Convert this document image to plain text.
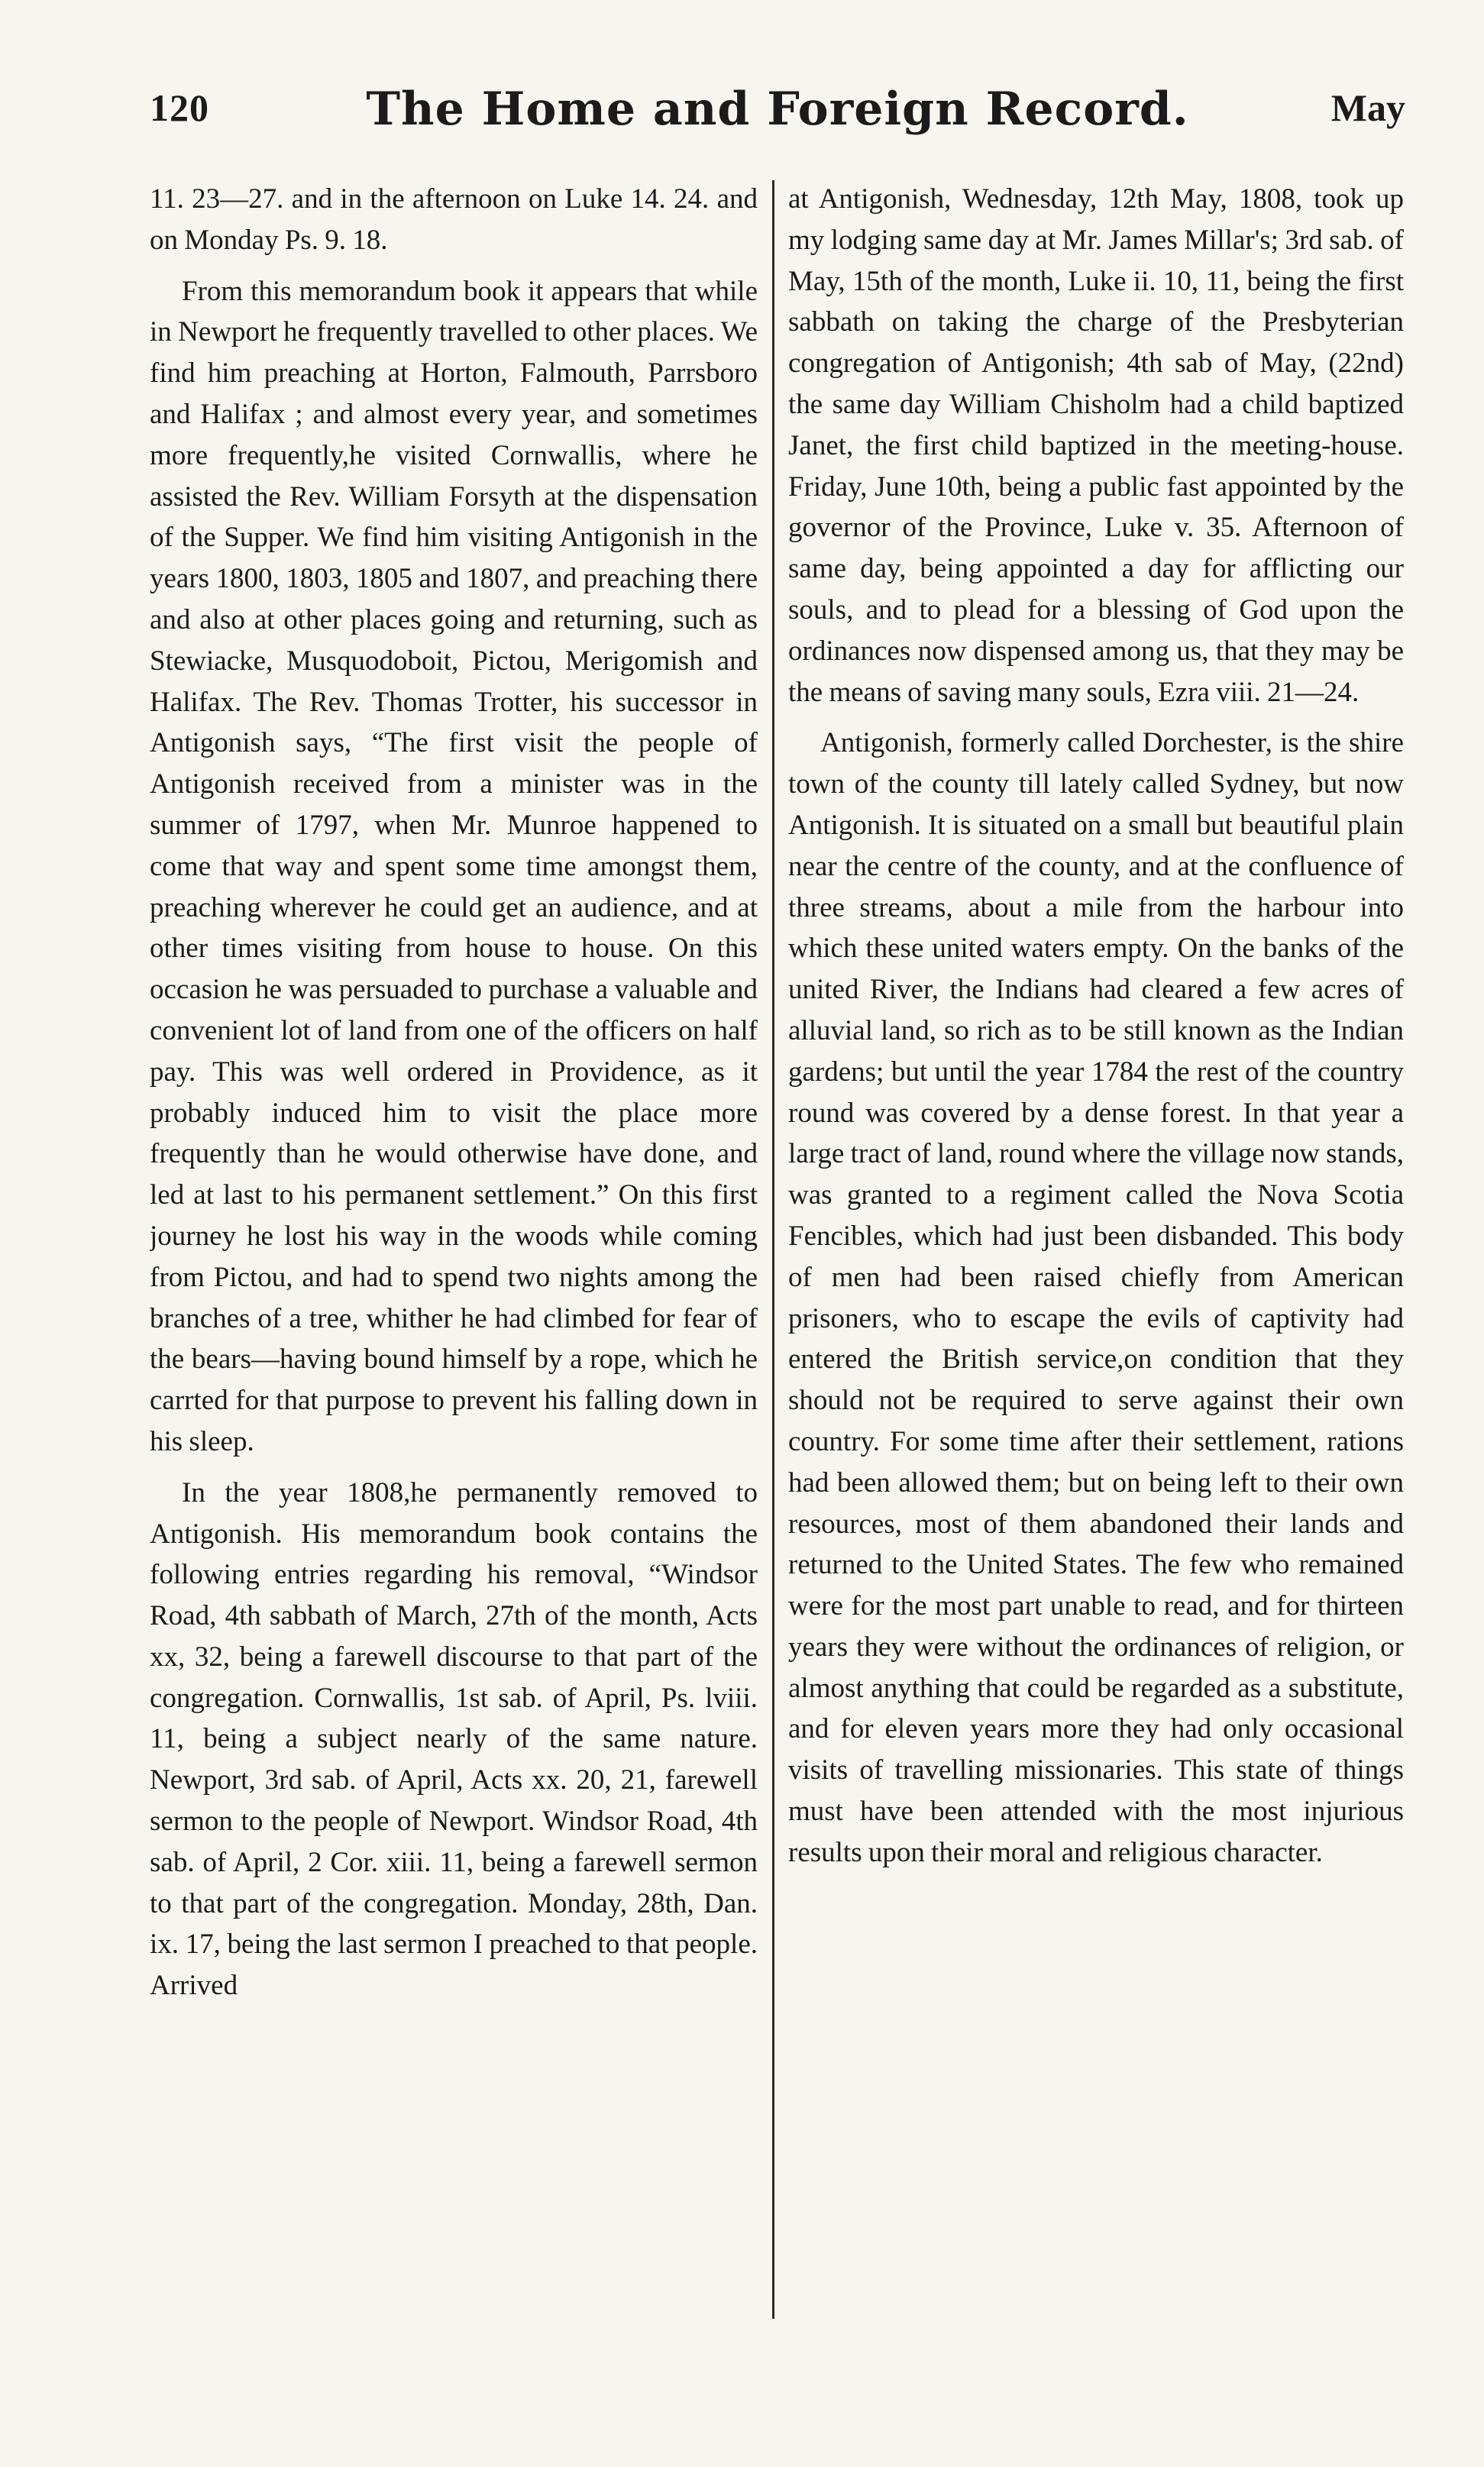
120	The Home and Foreign Record.	May

11. 23—27. and in the afternoon on Luke 14. 24. and on Monday Ps. 9. 18.

From this memorandum book it appears that while in Newport he frequently travelled to other places. We find him preaching at Horton, Falmouth, Parrsboro and Halifax ; and almost every year, and sometimes more frequently,he visited Cornwallis, where he assisted the Rev. William Forsyth at the dispensation of the Supper. We find him visiting Antigonish in the years 1800, 1803, 1805 and 1807, and preaching there and also at other places going and returning, such as Stewiacke, Musquodoboit, Pictou, Merigomish and Halifax. The Rev. Thomas Trotter, his successor in Antigonish says, “The first visit the people of Antigonish received from a minister was in the summer of 1797, when Mr. Munroe happened to come that way and spent some time amongst them, preaching wherever he could get an audience, and at other times visiting from house to house. On this occasion he was persuaded to purchase a valuable and convenient lot of land from one of the officers on half pay. This was well ordered in Providence, as it probably induced him to visit the place more frequently than he would otherwise have done, and led at last to his permanent settlement.” On this first journey he lost his way in the woods while coming from Pictou, and had to spend two nights among the branches of a tree, whither he had climbed for fear of the bears—having bound himself by a rope, which he carrted for that purpose to prevent his falling down in his sleep.

In the year 1808,he permanently removed to Antigonish. His memorandum book contains the following entries regarding his removal, “Windsor Road, 4th sabbath of March, 27th of the month, Acts xx, 32, being a farewell discourse to that part of the congregation. Cornwallis, 1st sab. of April, Ps. lviii. 11, being a subject nearly of the same nature. Newport, 3rd sab. of April, Acts xx. 20, 21, farewell sermon to the people of Newport. Windsor Road, 4th sab. of April, 2 Cor. xiii. 11, being a farewell sermon to that part of the congregation. Monday, 28th, Dan. ix. 17, being the last sermon I preached to that people. Arrived

at Antigonish, Wednesday, 12th May, 1808, took up my lodging same day at Mr. James Millar's; 3rd sab. of May, 15th of the month, Luke ii. 10, 11, being the first sabbath on taking the charge of the Presbyterian congregation of Antigonish; 4th sab of May, (22nd) the same day William Chisholm had a child baptized Janet, the first child baptized in the meeting-house. Friday, June 10th, being a public fast appointed by the governor of the Province, Luke v. 35. Afternoon of same day, being appointed a day for afflicting our souls, and to plead for a blessing of God upon the ordinances now dispensed among us, that they may be the means of saving many souls, Ezra viii. 21—24.

Antigonish, formerly called Dorchester, is the shire town of the county till lately called Sydney, but now Antigonish. It is situated on a small but beautiful plain near the centre of the county, and at the confluence of three streams, about a mile from the harbour into which these united waters empty. On the banks of the united River, the Indians had cleared a few acres of alluvial land, so rich as to be still known as the Indian gardens; but until the year 1784 the rest of the country round was covered by a dense forest. In that year a large tract of land, round where the village now stands, was granted to a regiment called the Nova Scotia Fencibles, which had just been disbanded. This body of men had been raised chiefly from American prisoners, who to escape the evils of captivity had entered the British service,on condition that they should not be required to serve against their own country. For some time after their settlement, rations had been allowed them; but on being left to their own resources, most of them abandoned their lands and returned to the United States. The few who remained were for the most part unable to read, and for thirteen years they were without the ordinances of religion, or almost anything that could be regarded as a substitute, and for eleven years more they had only occasional visits of travelling missionaries. This state of things must have been attended with the most injurious results upon their moral and religious character.
